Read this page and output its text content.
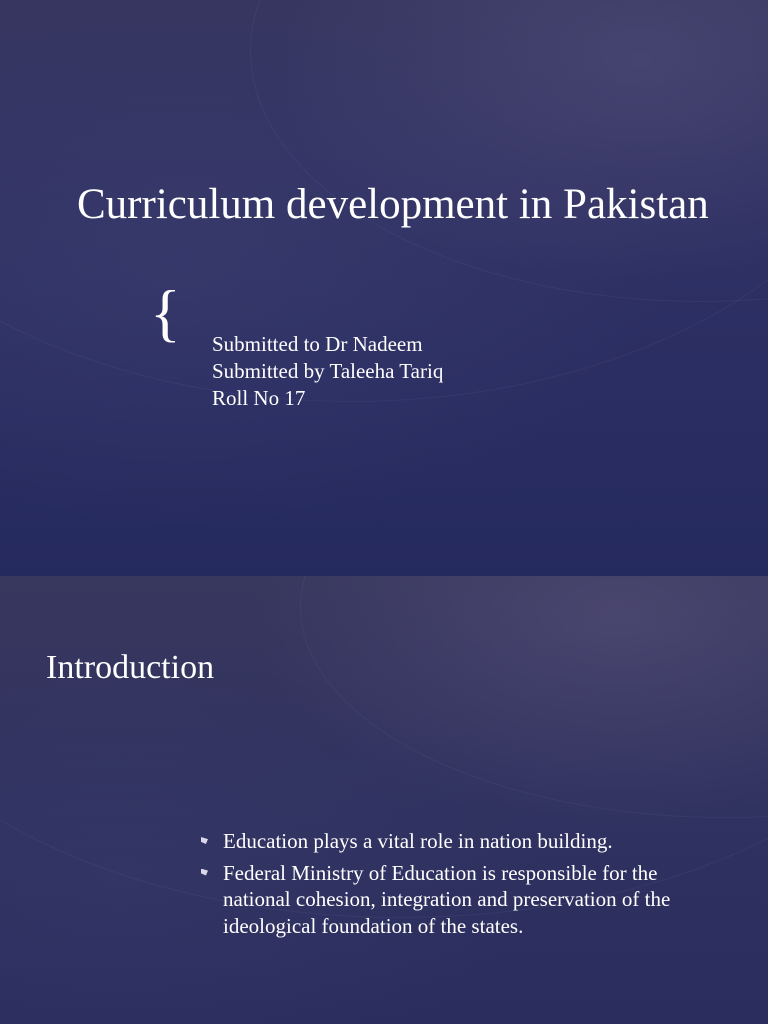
Curriculum development in Pakistan
{ Submitted to Dr Nadeem
Submitted by Taleeha Tariq
Roll No 17
Introduction
Education plays a vital role in nation building.
Federal Ministry of Education is responsible for the national cohesion, integration and preservation of the ideological foundation of the states.
